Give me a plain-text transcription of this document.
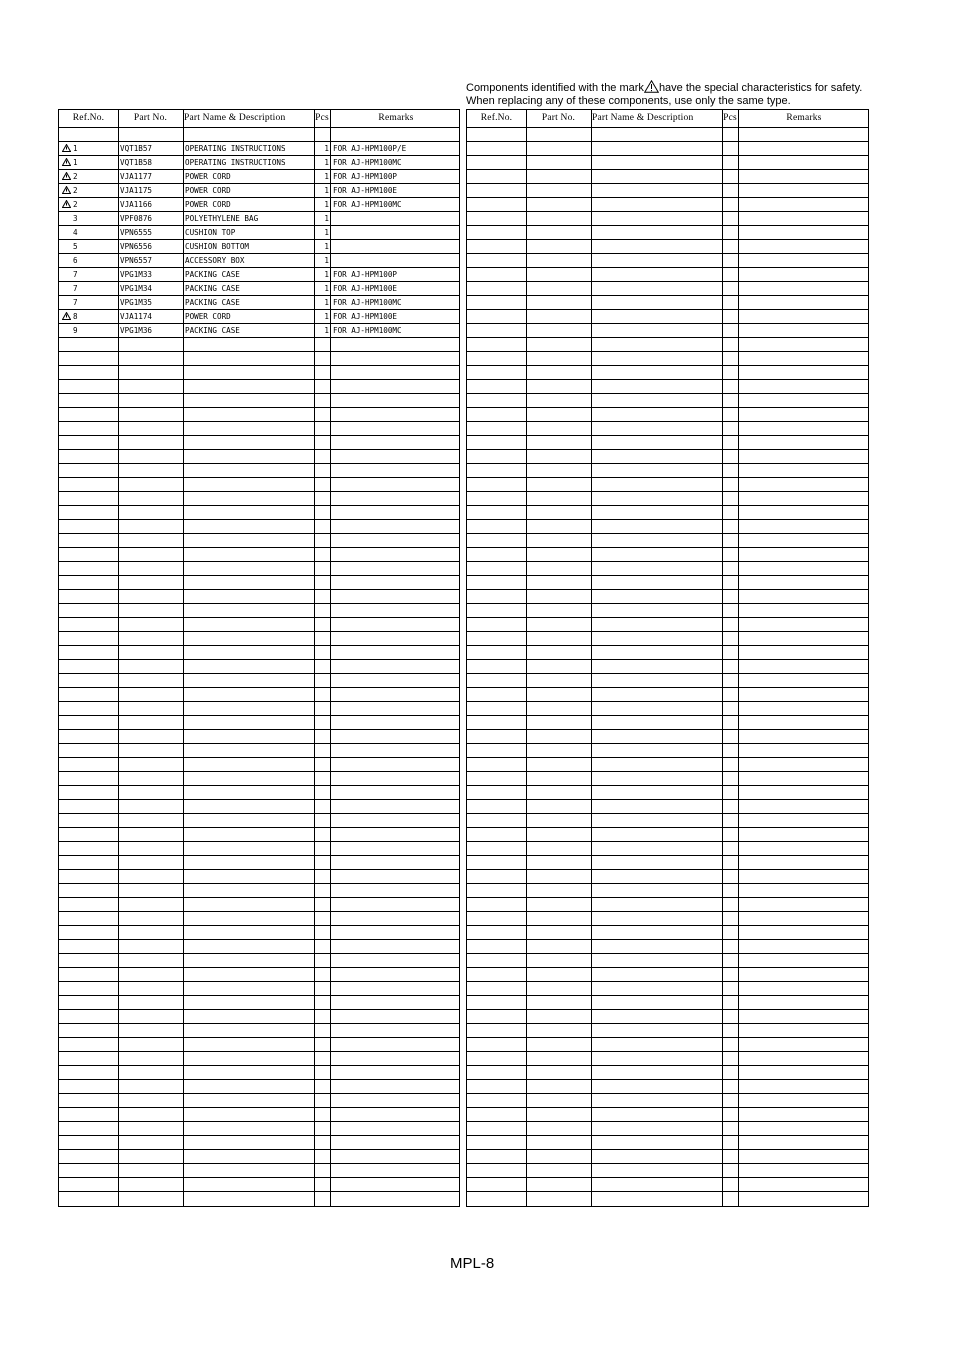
Components identified with the mark have the special characteristics for safety.
When replacing any of these components, use only the same type.
Ref.No.	Part No.	Part Name & Description	Pcs	Remarks
1	VQT1B57	OPERATING INSTRUCTIONS	1 FOR AJ-HPM100P/E
1	VQT1B58	OPERATING INSTRUCTIONS	1 FOR AJ-HPM100MC
2	VJA1177	POWER CORD	1 FOR AJ-HPM100P
2	VJA1175	POWER CORD	1 FOR AJ-HPM100E
2	VJA1166	POWER CORD	1 FOR AJ-HPM100MC
3	VPF0876	POLYETHYLENE BAG	1
4	VPN6555	CUSHION TOP	1
5	VPN6556	CUSHION BOTTOM	1
6	VPN6557	ACCESSORY BOX	1
7	VPG1M33	PACKING CASE	1 FOR AJ-HPM100P
7	VPG1M34	PACKING CASE	1 FOR AJ-HPM100E
7	VPG1M35	PACKING CASE	1 FOR AJ-HPM100MC
8	VJA1174	POWER CORD	1 FOR AJ-HPM100E
9	VPG1M36	PACKING CASE	1 FOR AJ-HPM100MC
Ref.No.	Part No.	Part Name & Description	Pcs	Remarks
MPL-8
